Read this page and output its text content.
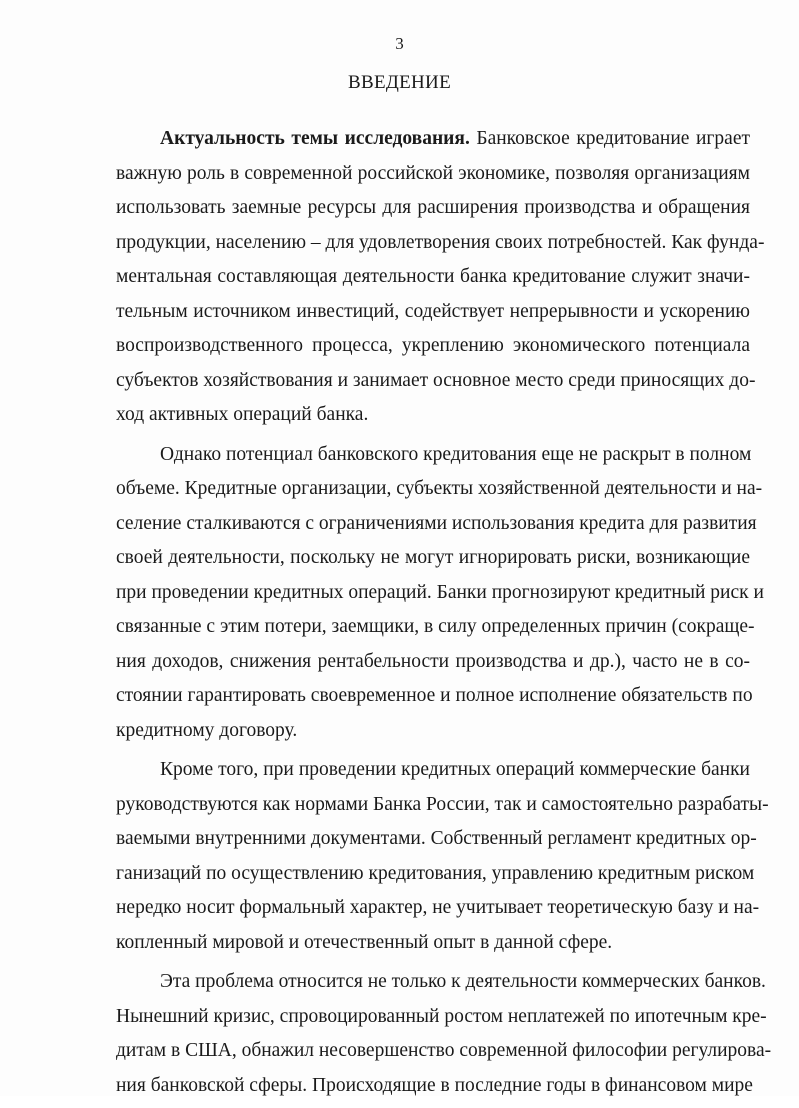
3
ВВЕДЕНИЕ

Актуальность темы исследования. Банковское кредитование играет
важную роль в современной российской экономике, позволяя организациям
использовать заемные ресурсы для расширения производства и обращения
продукции, населению – для удовлетворения своих потребностей. Как фунда-
ментальная составляющая деятельности банка кредитование служит значи-
тельным источником инвестиций, содействует непрерывности и ускорению
воспроизводственного процесса, укреплению экономического потенциала
субъектов хозяйствования и занимает основное место среди приносящих до-
ход активных операций банка.

Однако потенциал банковского кредитования еще не раскрыт в полном
объеме. Кредитные организации, субъекты хозяйственной деятельности и на-
селение сталкиваются с ограничениями использования кредита для развития
своей деятельности, поскольку не могут игнорировать риски, возникающие
при проведении кредитных операций. Банки прогнозируют кредитный риск и
связанные с этим потери, заемщики, в силу определенных причин (сокраще-
ния доходов, снижения рентабельности производства и др.), часто не в со-
стоянии гарантировать своевременное и полное исполнение обязательств по
кредитному договору.

Кроме того, при проведении кредитных операций коммерческие банки
руководствуются как нормами Банка России, так и самостоятельно разрабаты-
ваемыми внутренними документами. Собственный регламент кредитных ор-
ганизаций по осуществлению кредитования, управлению кредитным риском
нередко носит формальный характер, не учитывает теоретическую базу и на-
копленный мировой и отечественный опыт в данной сфере.

Эта проблема относится не только к деятельности коммерческих банков.
Нынешний кризис, спровоцированный ростом неплатежей по ипотечным кре-
дитам в США, обнажил несовершенство современной философии регулирова-
ния банковской сферы. Происходящие в последние годы в финансовом мире
